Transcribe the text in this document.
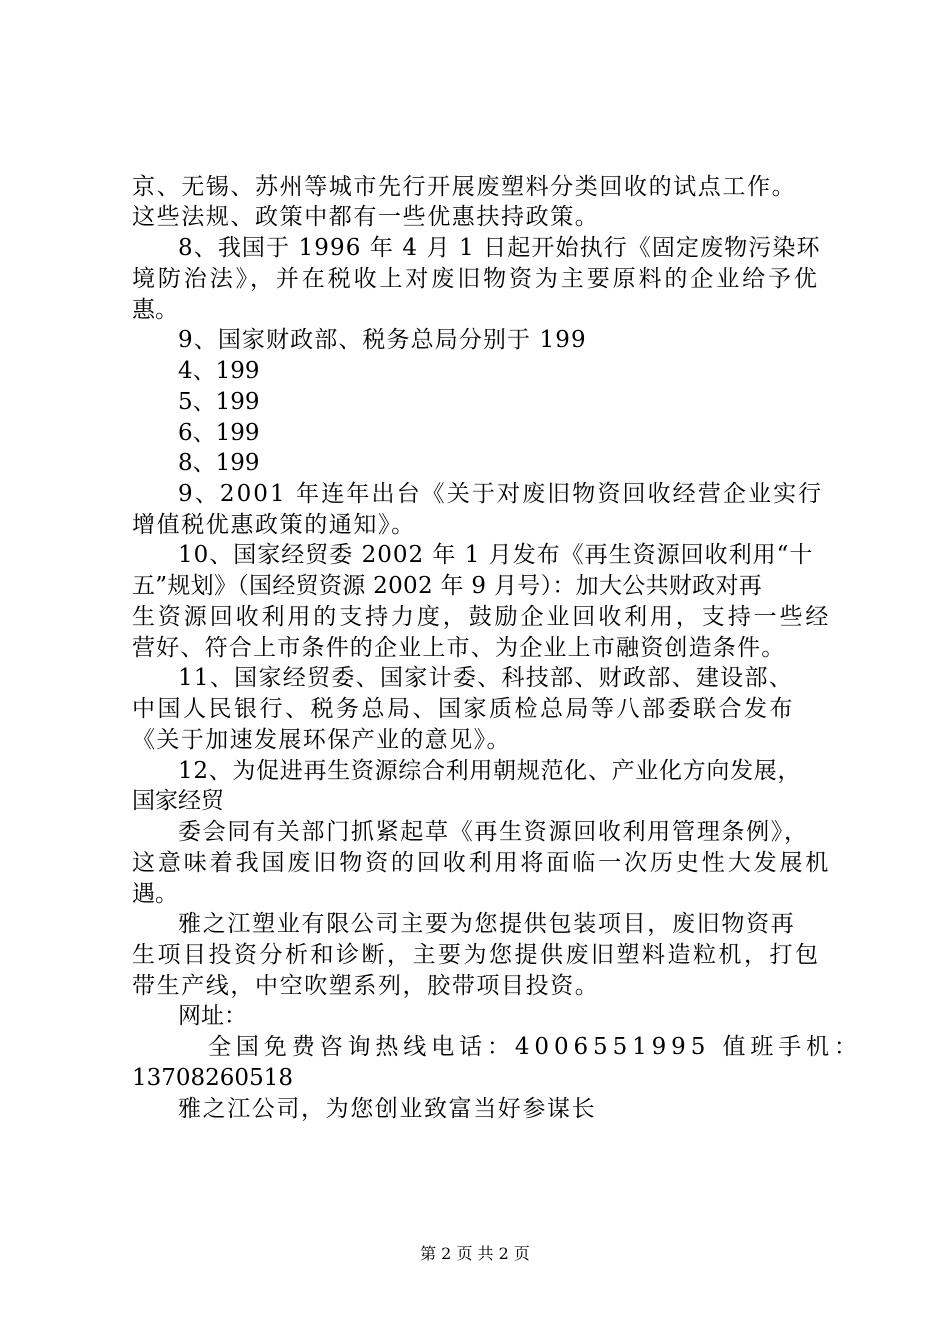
京、无锡、苏州等城市先行开展废塑料分类回收的试点工作。
这些法规、政策中都有一些优惠扶持政策。
8、我国于 1996 年 4 月 1 日起开始执行《固定废物污染环
境防治法》，并在税收上对废旧物资为主要原料的企业给予优
惠。
9、国家财政部、税务总局分别于 199
4、199
5、199
6、199
8、199
9、2001 年连年出台《关于对废旧物资回收经营企业实行
增值税优惠政策的通知》。
10、国家经贸委 2002 年 1 月发布《再生资源回收利用“十
五”规划》（国经贸资源 2002 年 9 月号）：加大公共财政对再
生资源回收利用的支持力度，鼓励企业回收利用，支持一些经
营好、符合上市条件的企业上市、为企业上市融资创造条件。
11、国家经贸委、国家计委、科技部、财政部、建设部、
中国人民银行、税务总局、国家质检总局等八部委联合发布
《关于加速发展环保产业的意见》。
12、为促进再生资源综合利用朝规范化、产业化方向发展，
国家经贸
委会同有关部门抓紧起草《再生资源回收利用管理条例》，
这意味着我国废旧物资的回收利用将面临一次历史性大发展机
遇。
雅之江塑业有限公司主要为您提供包装项目，废旧物资再
生项目投资分析和诊断，主要为您提供废旧塑料造粒机，打包
带生产线，中空吹塑系列，胶带项目投资。
网址：
全国免费咨询热线电话：4006551995 值班手机：
13708260518
雅之江公司，为您创业致富当好参谋长
第 2 页 共 2 页
